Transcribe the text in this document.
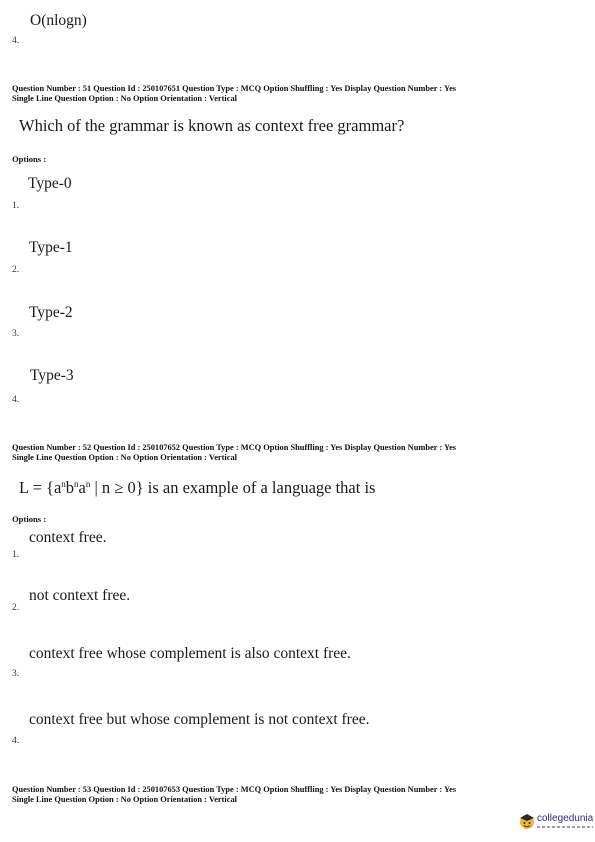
O(nlogn)
4.
Question Number : 51 Question Id : 250107651 Question Type : MCQ Option Shuffling : Yes Display Question Number : Yes
Single Line Question Option : No Option Orientation : Vertical
Which of the grammar is known as context free grammar?
Options :
Type-0
1.
Type-1
2.
Type-2
3.
Type-3
4.
Question Number : 52 Question Id : 250107652 Question Type : MCQ Option Shuffling : Yes Display Question Number : Yes
Single Line Question Option : No Option Orientation : Vertical
$L = \{a^nb^na^n$ | n ≥ 0} is an example of a language that is
Options :
context free.
1.
not context free.
2.
context free whose complement is also context free.
3.
context free but whose complement is not context free.
4.
Question Number : 53 Question Id : 250107653 Question Type : MCQ Option Shuffling : Yes Display Question Number : Yes
Single Line Question Option : No Option Orientation : Vertical
collegedunia
